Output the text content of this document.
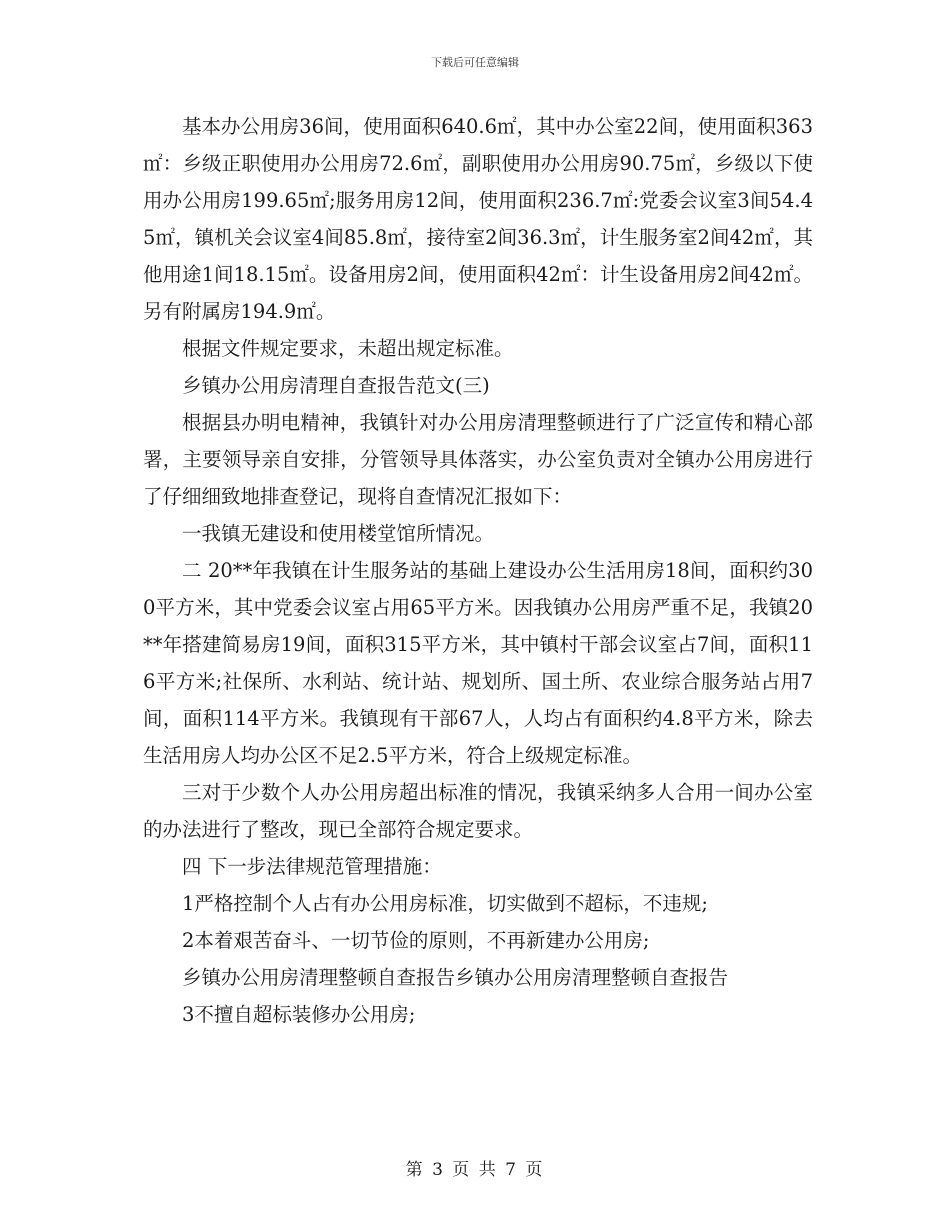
下载后可任意编辑

基本办公用房36间，使用面积640.6㎡，其中办公室22间，使用面积363㎡：乡级正职使用办公用房72.6㎡，副职使用办公用房90.75㎡，乡级以下使用办公用房199.65㎡;服务用房12间，使用面积236.7㎡:党委会议室3间54.45㎡，镇机关会议室4间85.8㎡，接待室2间36.3㎡，计生服务室2间42㎡，其他用途1间18.15㎡。设备用房2间，使用面积42㎡：计生设备用房2间42㎡。另有附属房194.9㎡。

根据文件规定要求，未超出规定标准。

乡镇办公用房清理自查报告范文(三)

根据县办明电精神，我镇针对办公用房清理整顿进行了广泛宣传和精心部署，主要领导亲自安排，分管领导具体落实，办公室负责对全镇办公用房进行了仔细细致地排查登记，现将自查情况汇报如下：

一我镇无建设和使用楼堂馆所情况。

二 20**年我镇在计生服务站的基础上建设办公生活用房18间，面积约300平方米，其中党委会议室占用65平方米。因我镇办公用房严重不足，我镇20**年搭建简易房19间，面积315平方米，其中镇村干部会议室占7间，面积116平方米;社保所、水利站、统计站、规划所、国土所、农业综合服务站占用7间，面积114平方米。我镇现有干部67人，人均占有面积约4.8平方米，除去生活用房人均办公区不足2.5平方米，符合上级规定标准。

三对于少数个人办公用房超出标准的情况，我镇采纳多人合用一间办公室的办法进行了整改，现已全部符合规定要求。

四 下一步法律规范管理措施：

1严格控制个人占有办公用房标准，切实做到不超标，不违规;

2本着艰苦奋斗、一切节俭的原则，不再新建办公用房;

乡镇办公用房清理整顿自查报告乡镇办公用房清理整顿自查报告

3不擅自超标装修办公用房;

第 3 页 共 7 页
